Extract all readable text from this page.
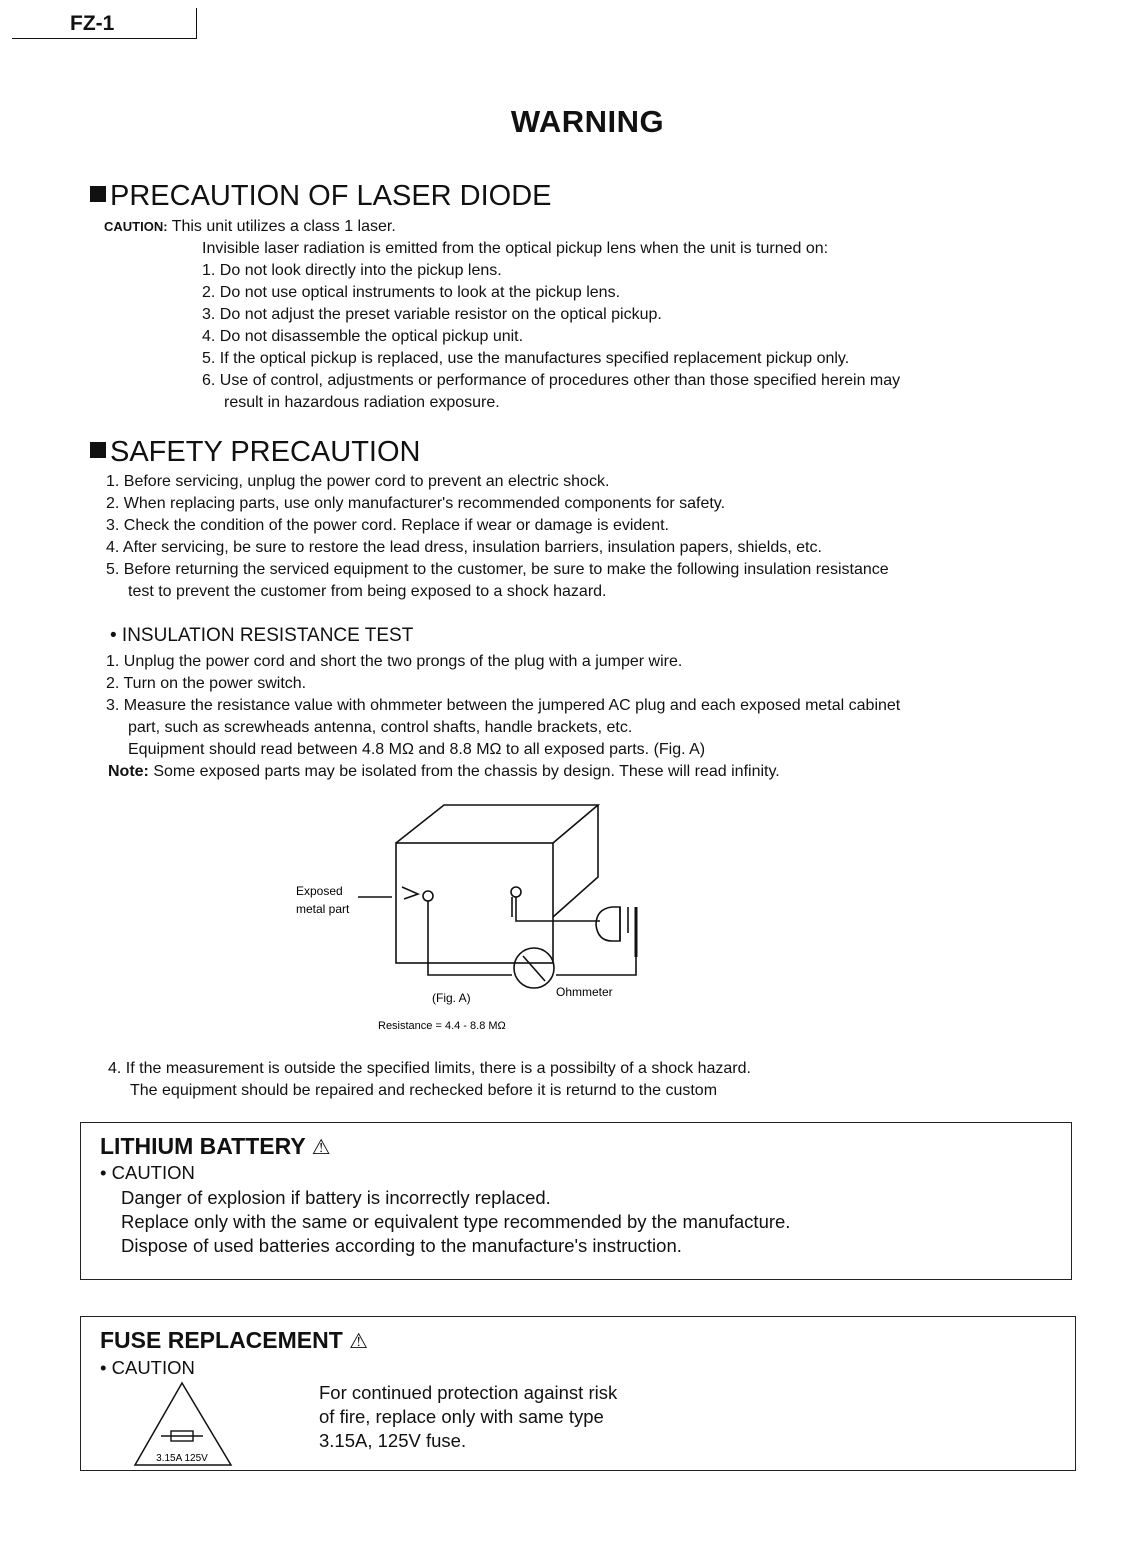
FZ-1
WARNING
PRECAUTION OF LASER DIODE
CAUTION: This unit utilizes a class 1 laser.
Invisible laser radiation is emitted from the optical pickup lens when the unit is turned on:
1. Do not look directly into the pickup lens.
2. Do not use optical instruments to look at the pickup lens.
3. Do not adjust the preset variable resistor on the optical pickup.
4. Do not disassemble the optical pickup unit.
5. If the optical pickup is replaced, use the manufactures specified replacement pickup only.
6. Use of control, adjustments or performance of procedures other than those specified herein may
result in hazardous radiation exposure.
SAFETY PRECAUTION
1. Before servicing, unplug the power cord to prevent an electric shock.
2. When replacing parts, use only manufacturer's recommended components for safety.
3. Check the condition of the power cord. Replace if wear or damage is evident.
4. After servicing, be sure to restore the lead dress, insulation barriers, insulation papers, shields, etc.
5. Before returning the serviced equipment to the customer, be sure to make the following insulation resistance
test to prevent the customer from being exposed to a shock hazard.
• INSULATION RESISTANCE TEST
1. Unplug the power cord and short the two prongs of the plug with a jumper wire.
2. Turn on the power switch.
3. Measure the resistance value with ohmmeter between the jumpered AC plug and each exposed metal cabinet
part, such as screwheads antenna, control shafts, handle brackets, etc.
Equipment should read between 4.8 MΩ and 8.8 MΩ to all exposed parts. (Fig. A)
Note: Some exposed parts may be isolated from the chassis by design. These will read infinity.
Exposed
metal part
Ohmmeter
(Fig. A)
Resistance = 4.4 - 8.8 MΩ
4. If the measurement is outside the specified limits, there is a possibilty of a shock hazard.
The equipment should be repaired and rechecked before it is returnd to the custom
LITHIUM BATTERY ⚠
• CAUTION
Danger of explosion if battery is incorrectly replaced.
Replace only with the same or equivalent type recommended by the manufacture.
Dispose of used batteries according to the manufacture's instruction.
FUSE REPLACEMENT ⚠
• CAUTION
3.15A 125V
For continued protection against risk
of fire, replace only with same type
3.15A, 125V fuse.
